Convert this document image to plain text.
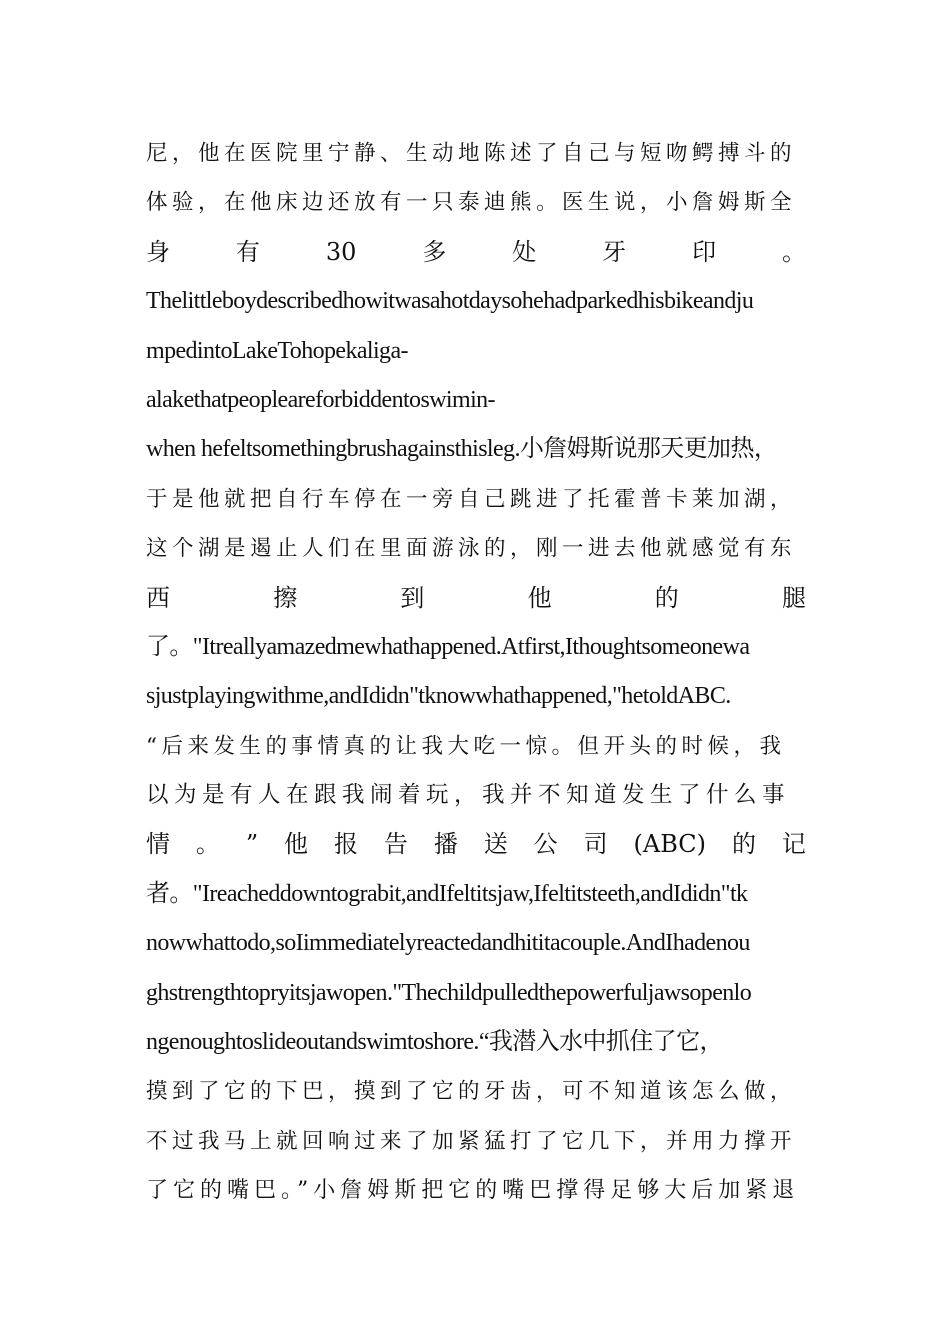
尼，他在医院里宁静、生动地陈述了自己与短吻鳄搏斗的
体验，在他床边还放有一只泰迪熊。医生说，小詹姆斯全
身	有	30	多	处	牙	印	。
Thelittleboydescribedhowitwasahotdaysohehadparkedhisbikeandju
mpedintoLakeTohopekaliga-
alakethatpeopleareforbiddentoswimin-
when hefeltsomethingbrushagainsthisleg.小詹姆斯说那天更加热，
于是他就把自行车停在一旁自己跳进了托霍普卡莱加湖，
这个湖是遏止人们在里面游泳的，刚一进去他就感觉有东
西	擦	到	他	的	腿
了。"Itreallyamazedmewhathappened.Atfirst,Ithoughtsomeonewa
sjustplayingwithme,andIdidn"tknowwhathappened,"hetoldABC.
“后来发生的事情真的让我大吃一惊。但开头的时候，我
以为是有人在跟我闹着玩，我并不知道发生了什么事
情 。 ” 他 报 告 播 送 公 司 (ABC) 的 记
者。"Ireacheddowntograbit,andIfeltitsjaw,Ifeltitsteeth,andIdidn"tk
nowwhattodo,soIimmediatelyreactedandhititacouple.AndIhadenou
ghstrengthtopryitsjawopen."Thechildpulledthepowerfuljawsopenlo
ngenoughtoslideoutandswimtoshore.“我潜入水中抓住了它，
摸到了它的下巴，摸到了它的牙齿，可不知道该怎么做，
不过我马上就回响过来了加紧猛打了它几下，并用力撑开
了它的嘴巴。”小詹姆斯把它的嘴巴撑得足够大后加紧退
